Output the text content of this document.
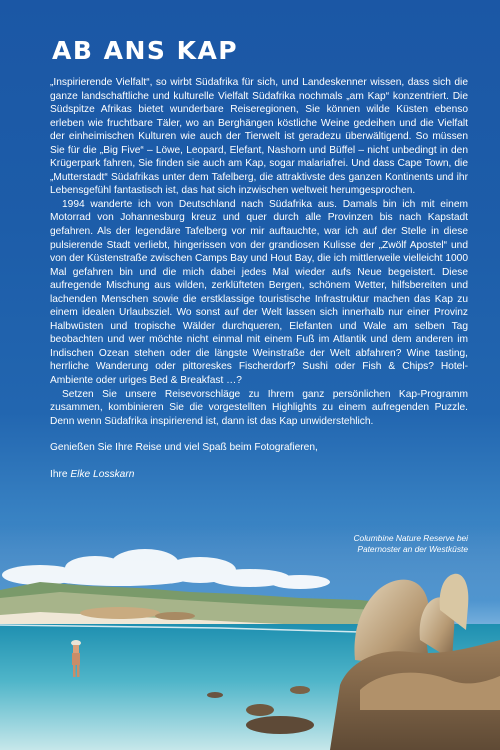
AB ANS KAP

„Inspirierende Vielfalt“, so wirbt Südafrika für sich, und Landeskenner wissen, dass sich die ganze landschaftliche und kulturelle Vielfalt Südafrika nochmals „am Kap“ konzentriert. Die Südspitze Afrikas bietet wunderbare Reiseregionen, Sie können wilde Küsten ebenso erleben wie fruchtbare Täler, wo an Berghängen köstliche Weine gedeihen und die Vielfalt der einheimischen Kulturen wie auch der Tierwelt ist geradezu überwältigend. So müssen Sie für die „Big Five“ – Löwe, Leopard, Elefant, Nashorn und Büffel – nicht unbedingt in den Krügerpark fahren, Sie finden sie auch am Kap, sogar malariafrei. Und dass Cape Town, die „Mutterstadt“ Südafrikas unter dem Tafelberg, die attraktivste des ganzen Kontinents und ihr Lebensgefühl fantastisch ist, das hat sich inzwischen weltweit herumgesprochen.

1994 wanderte ich von Deutschland nach Südafrika aus. Damals bin ich mit einem Motorrad von Johannesburg kreuz und quer durch alle Provinzen bis nach Kapstadt gefahren. Als der legendäre Tafelberg vor mir auftauchte, war ich auf der Stelle in diese pulsierende Stadt verliebt, hingerissen von der grandiosen Kulisse der „Zwölf Apostel“ und von der Küstenstraße zwischen Camps Bay und Hout Bay, die ich mittlerweile vielleicht 1000 Mal gefahren bin und die mich dabei jedes Mal wieder aufs Neue begeistert. Diese aufregende Mischung aus wilden, zerklüfteten Bergen, schönem Wetter, hilfsbereiten und lachenden Menschen sowie die erstklassige touristische Infrastruktur machen das Kap zu einem idealen Urlaubsziel. Wo sonst auf der Welt lassen sich innerhalb nur einer Provinz Halbwüsten und tropische Wälder durchqueren, Elefanten und Wale am selben Tag beobachten und wer möchte nicht einmal mit einem Fuß im Atlantik und dem anderen im Indischen Ozean stehen oder die längste Weinstraße der Welt abfahren? Wine tasting, herrliche Wanderung oder pittoreskes Fischerdorf? Sushi oder Fish & Chips? Hotel-Ambiente oder uriges Bed & Breakfast …?

Setzen Sie unsere Reisevorschläge zu Ihrem ganz persönlichen Kap-Programm zusammen, kombinieren Sie die vorgestellten Highlights zu einem aufregenden Puzzle. Denn wenn Südafrika inspirierend ist, dann ist das Kap unwiderstehlich.

Genießen Sie Ihre Reise und viel Spaß beim Fotografieren,

Ihre Elke Losskarn

Columbine Nature Reserve bei
Paternoster an der Westküste
